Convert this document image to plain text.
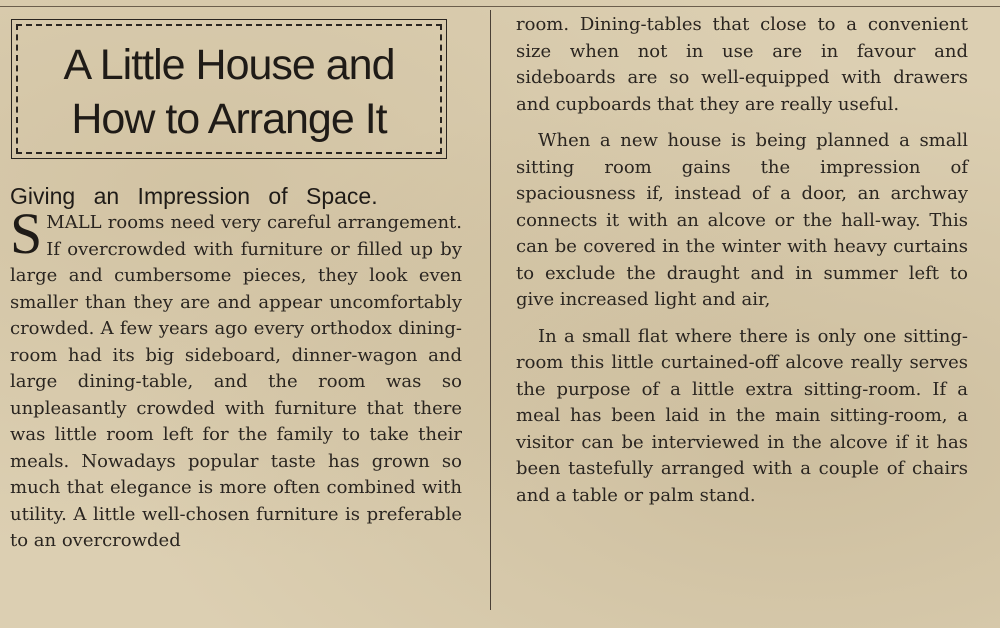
A Little House and
How to Arrange It
Giving an Impression of Space.

SMALL rooms need very careful arrangement. If overcrowded with furniture or filled up by large and cumbersome pieces, they look even smaller than they are and appear uncomfortably crowded. A few years ago every orthodox dining-room had its big sideboard, dinner-wagon and large dining-table, and the room was so unpleasantly crowded with furniture that there was little room left for the family to take their meals. Nowadays popular taste has grown so much that elegance is more often combined with utility. A little well-chosen furniture is preferable to an overcrowded

room. Dining-tables that close to a convenient size when not in use are in favour and sideboards are so well-equipped with drawers and cupboards that they are really useful.

When a new house is being planned a small sitting room gains the impression of spaciousness if, instead of a door, an archway connects it with an alcove or the hall-way. This can be covered in the winter with heavy curtains to exclude the draught and in summer left to give increased light and air,

In a small flat where there is only one sitting-room this little curtained-off alcove really serves the purpose of a little extra sitting-room. If a meal has been laid in the main sitting-room, a visitor can be interviewed in the alcove if it has been tastefully arranged with a couple of chairs and a table or palm stand.
